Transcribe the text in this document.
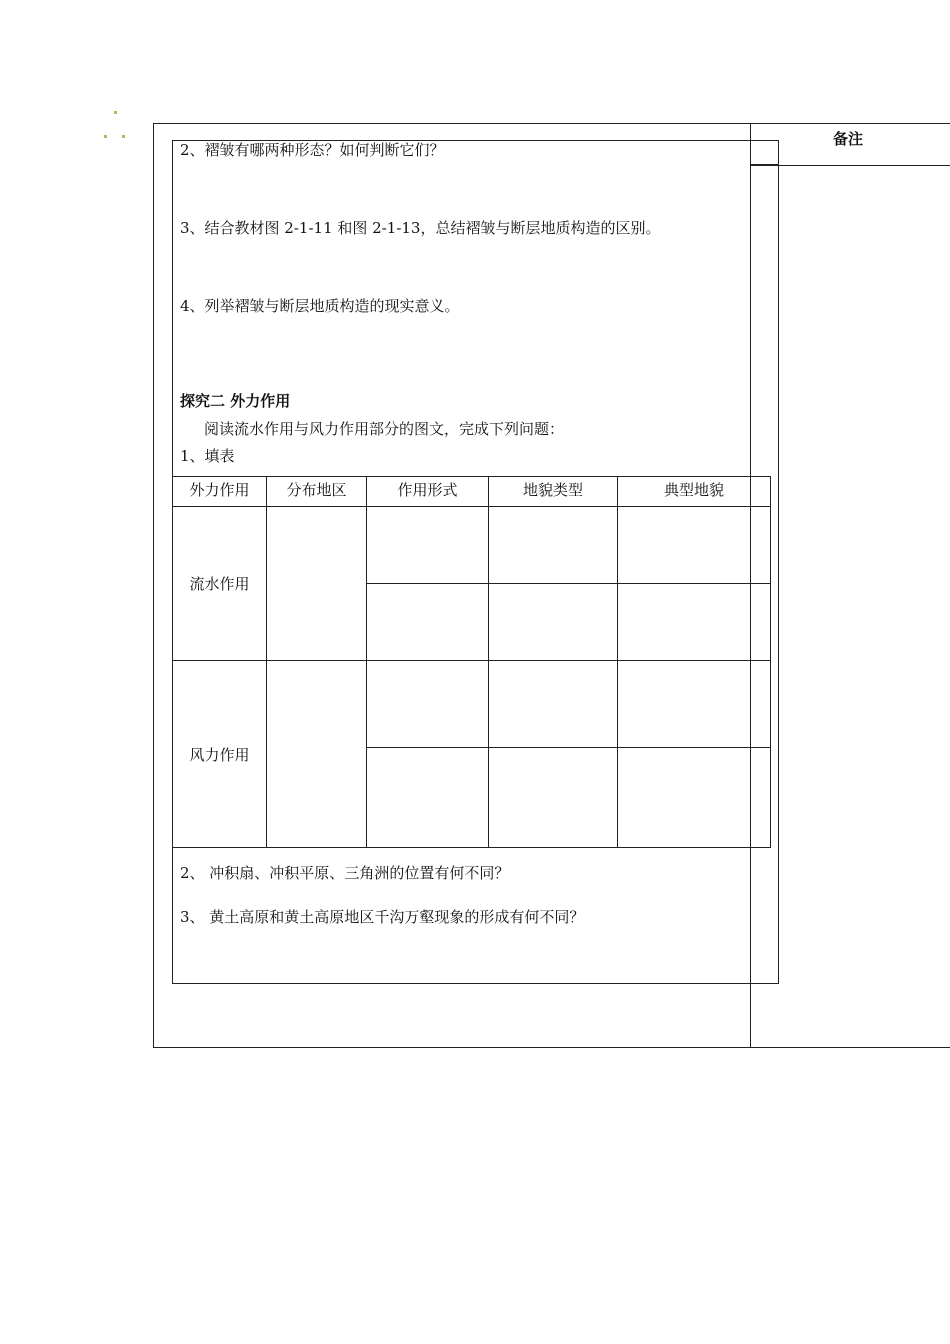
备注
2、褶皱有哪两种形态？如何判断它们？
3、结合教材图 2-1-11 和图 2-1-13，总结褶皱与断层地质构造的区别。
4、列举褶皱与断层地质构造的现实意义。
探究二 外力作用
阅读流水作用与风力作用部分的图文，完成下列问题：
1、填表
外力作用	分布地区	作用形式	地貌类型	典型地貌
流水作用				

风力作用				

2、 冲积扇、冲积平原、三角洲的位置有何不同？
3、 黄土高原和黄土高原地区千沟万壑现象的形成有何不同？
